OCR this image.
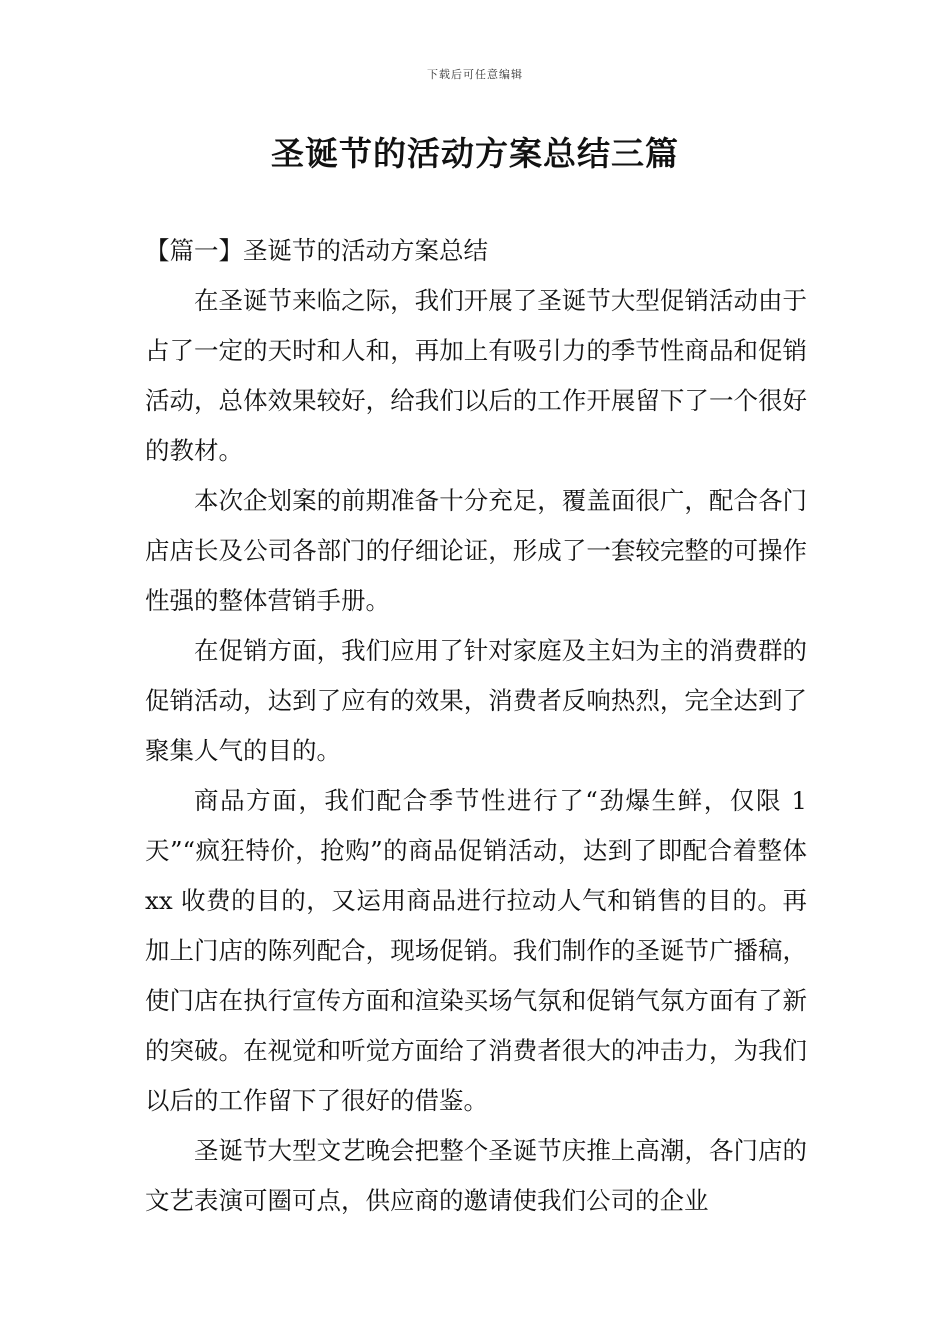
下载后可任意编辑
圣诞节的活动方案总结三篇

【篇一】圣诞节的活动方案总结

在圣诞节来临之际，我们开展了圣诞节大型促销活动由于占了一定的天时和人和，再加上有吸引力的季节性商品和促销活动，总体效果较好，给我们以后的工作开展留下了一个很好的教材。

本次企划案的前期准备十分充足，覆盖面很广，配合各门店店长及公司各部门的仔细论证，形成了一套较完整的可操作性强的整体营销手册。

在促销方面，我们应用了针对家庭及主妇为主的消费群的促销活动，达到了应有的效果，消费者反响热烈，完全达到了聚集人气的目的。

商品方面，我们配合季节性进行了“劲爆生鲜，仅限 1 天”“疯狂特价，抢购”的商品促销活动，达到了即配合着整体 xx 收费的目的，又运用商品进行拉动人气和销售的目的。再加上门店的陈列配合，现场促销。我们制作的圣诞节广播稿，使门店在执行宣传方面和渲染买场气氛和促销气氛方面有了新的突破。在视觉和听觉方面给了消费者很大的冲击力，为我们以后的工作留下了很好的借鉴。

圣诞节大型文艺晚会把整个圣诞节庆推上高潮，各门店的文艺表演可圈可点，供应商的邀请使我们公司的企业
